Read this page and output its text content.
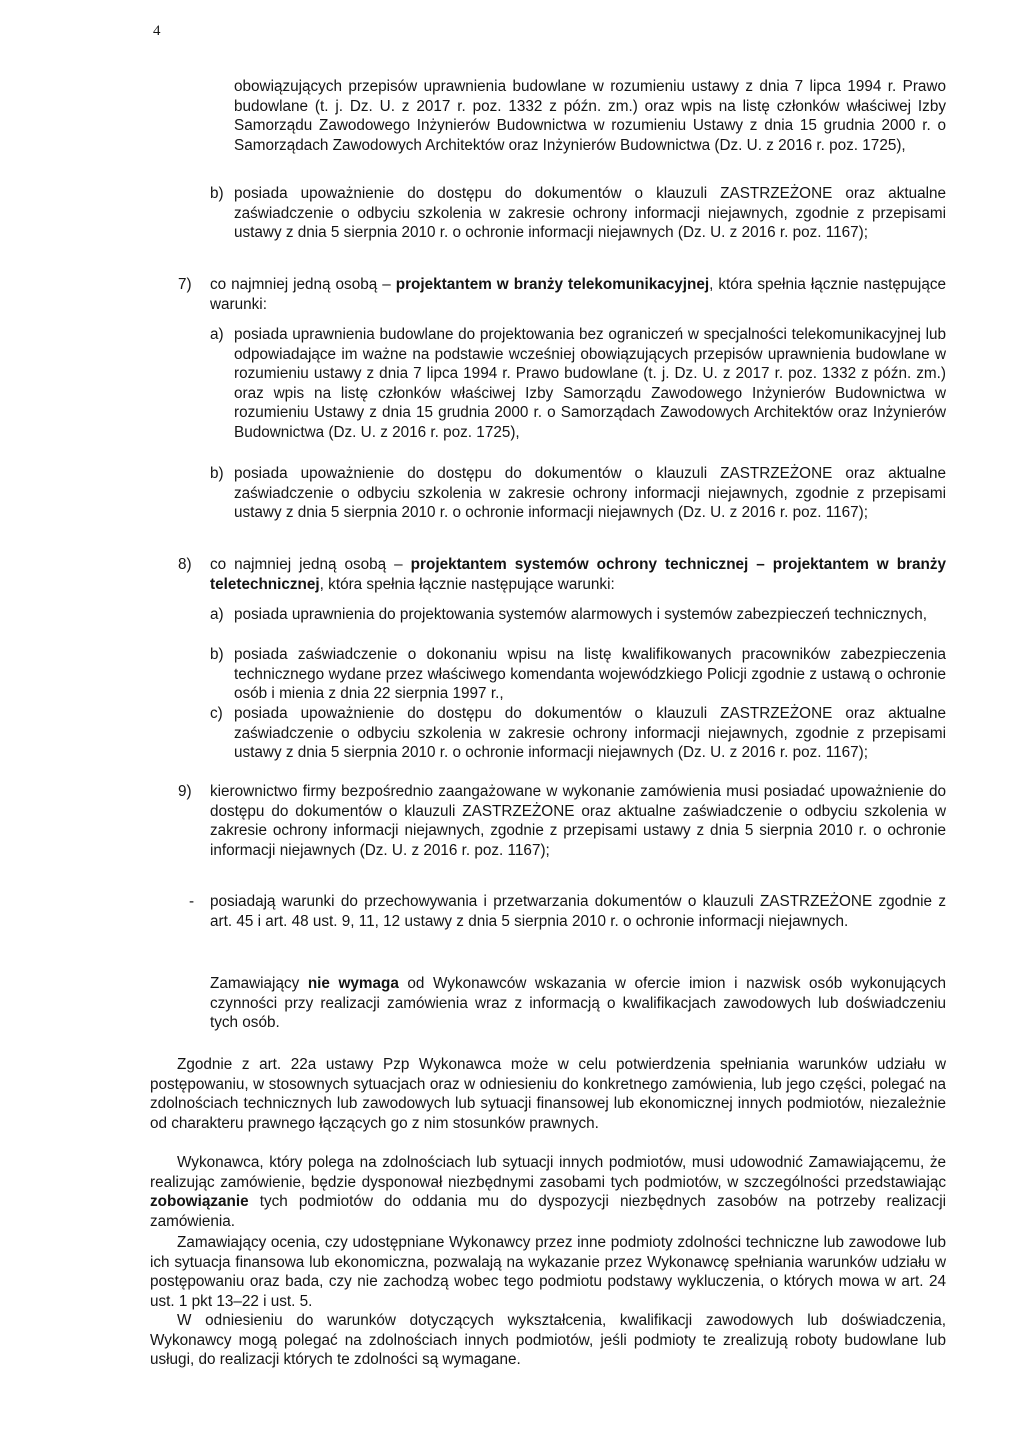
4
obowiązujących przepisów uprawnienia budowlane w rozumieniu ustawy z dnia 7 lipca 1994 r. Prawo budowlane (t. j. Dz. U. z 2017 r. poz. 1332 z późn. zm.) oraz wpis na listę członków właściwej Izby Samorządu Zawodowego Inżynierów Budownictwa w rozumieniu Ustawy z dnia 15 grudnia 2000 r. o Samorządach Zawodowych Architektów oraz Inżynierów Budownictwa (Dz. U. z 2016 r. poz. 1725),
b) posiada upoważnienie do dostępu do dokumentów o klauzuli ZASTRZEŻONE oraz aktualne zaświadczenie o odbyciu szkolenia w zakresie ochrony informacji niejawnych, zgodnie z przepisami ustawy z dnia 5 sierpnia 2010 r. o ochronie informacji niejawnych (Dz. U. z 2016 r. poz. 1167);
7) co najmniej jedną osobą – projektantem w branży telekomunikacyjnej, która spełnia łącznie następujące warunki:
a) posiada uprawnienia budowlane do projektowania bez ograniczeń w specjalności telekomunikacyjnej lub odpowiadające im ważne na podstawie wcześniej obowiązujących przepisów uprawnienia budowlane w rozumieniu ustawy z dnia 7 lipca 1994 r. Prawo budowlane (t. j. Dz. U. z 2017 r. poz. 1332 z późn. zm.) oraz wpis na listę członków właściwej Izby Samorządu Zawodowego Inżynierów Budownictwa w rozumieniu Ustawy z dnia 15 grudnia 2000 r. o Samorządach Zawodowych Architektów oraz Inżynierów Budownictwa (Dz. U. z 2016 r. poz. 1725),
b) posiada upoważnienie do dostępu do dokumentów o klauzuli ZASTRZEŻONE oraz aktualne zaświadczenie o odbyciu szkolenia w zakresie ochrony informacji niejawnych, zgodnie z przepisami ustawy z dnia 5 sierpnia 2010 r. o ochronie informacji niejawnych (Dz. U. z 2016 r. poz. 1167);
8) co najmniej jedną osobą – projektantem systemów ochrony technicznej – projektantem w branży teletechnicznej, która spełnia łącznie następujące warunki:
a) posiada uprawnienia do projektowania systemów alarmowych i systemów zabezpieczeń technicznych,
b) posiada zaświadczenie o dokonaniu wpisu na listę kwalifikowanych pracowników zabezpieczenia technicznego wydane przez właściwego komendanta wojewódzkiego Policji zgodnie z ustawą o ochronie osób i mienia z dnia 22 sierpnia 1997 r.,
c) posiada upoważnienie do dostępu do dokumentów o klauzuli ZASTRZEŻONE oraz aktualne zaświadczenie o odbyciu szkolenia w zakresie ochrony informacji niejawnych, zgodnie z przepisami ustawy z dnia 5 sierpnia 2010 r. o ochronie informacji niejawnych (Dz. U. z 2016 r. poz. 1167);
9) kierownictwo firmy bezpośrednio zaangażowane w wykonanie zamówienia musi posiadać upoważnienie do dostępu do dokumentów o klauzuli ZASTRZEŻONE oraz aktualne zaświadczenie o odbyciu szkolenia w zakresie ochrony informacji niejawnych, zgodnie z przepisami ustawy z dnia 5 sierpnia 2010 r. o ochronie informacji niejawnych (Dz. U. z 2016 r. poz. 1167);
- posiadają warunki do przechowywania i przetwarzania dokumentów o klauzuli ZASTRZEŻONE zgodnie z art. 45 i art. 48 ust. 9, 11, 12 ustawy z dnia 5 sierpnia 2010 r. o ochronie informacji niejawnych.
Zamawiający nie wymaga od Wykonawców wskazania w ofercie imion i nazwisk osób wykonujących czynności przy realizacji zamówienia wraz z informacją o kwalifikacjach zawodowych lub doświadczeniu tych osób.
Zgodnie z art. 22a ustawy Pzp Wykonawca może w celu potwierdzenia spełniania warunków udziału w postępowaniu, w stosownych sytuacjach oraz w odniesieniu do konkretnego zamówienia, lub jego części, polegać na zdolnościach technicznych lub zawodowych lub sytuacji finansowej lub ekonomicznej innych podmiotów, niezależnie od charakteru prawnego łączących go z nim stosunków prawnych.
Wykonawca, który polega na zdolnościach lub sytuacji innych podmiotów, musi udowodnić Zamawiającemu, że realizując zamówienie, będzie dysponował niezbędnymi zasobami tych podmiotów, w szczególności przedstawiając zobowiązanie tych podmiotów do oddania mu do dyspozycji niezbędnych zasobów na potrzeby realizacji zamówienia.
Zamawiający ocenia, czy udostępniane Wykonawcy przez inne podmioty zdolności techniczne lub zawodowe lub ich sytuacja finansowa lub ekonomiczna, pozwalają na wykazanie przez Wykonawcę spełniania warunków udziału w postępowaniu oraz bada, czy nie zachodzą wobec tego podmiotu podstawy wykluczenia, o których mowa w art. 24 ust. 1 pkt 13–22 i ust. 5.
W odniesieniu do warunków dotyczących wykształcenia, kwalifikacji zawodowych lub doświadczenia, Wykonawcy mogą polegać na zdolnościach innych podmiotów, jeśli podmioty te zrealizują roboty budowlane lub usługi, do realizacji których te zdolności są wymagane.
